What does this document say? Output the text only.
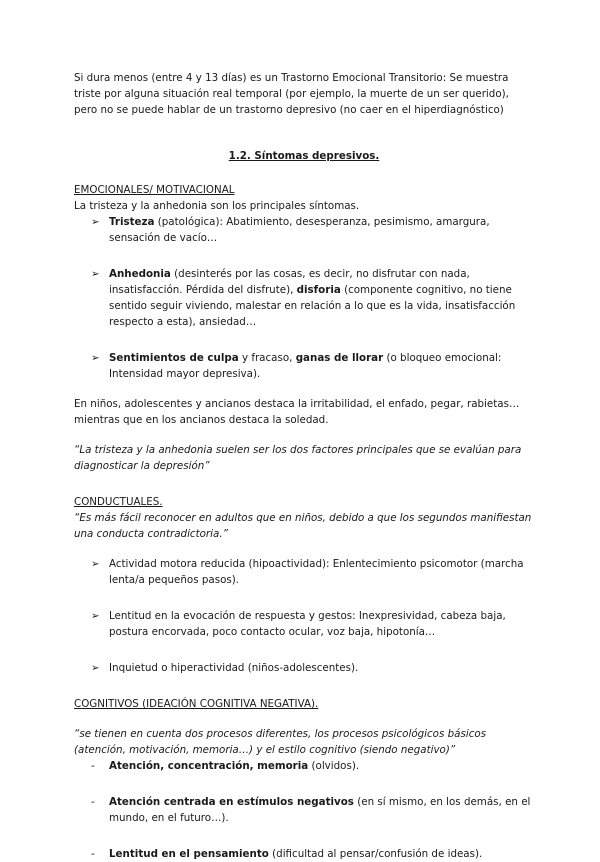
Si dura menos (entre 4 y 13 días) es un Trastorno Emocional Transitorio: Se muestra triste por alguna situación real temporal (por ejemplo, la muerte de un ser querido), pero no se puede hablar de un trastorno depresivo (no caer en el hiperdiagnóstico)

1.2. Síntomas depresivos.

EMOCIONALES/ MOTIVACIONAL

La tristeza y la anhedonia son los principales síntomas.

➢ Tristeza (patológica): Abatimiento, desesperanza, pesimismo, amargura, sensación de vacío…
➢ Anhedonia (desinterés por las cosas, es decir, no disfrutar con nada, insatisfacción. Pérdida del disfrute), disforia (componente cognitivo, no tiene sentido seguir viviendo, malestar en relación a lo que es la vida, insatisfacción respecto a esta), ansiedad…
➢ Sentimientos de culpa y fracaso, ganas de llorar (o bloqueo emocional: Intensidad mayor depresiva).

En niños, adolescentes y ancianos destaca la irritabilidad, el enfado, pegar, rabietas… mientras que en los ancianos destaca la soledad.

“La tristeza y la anhedonia suelen ser los dos factores principales que se evalúan para diagnosticar la depresión”

CONDUCTUALES.

“Es más fácil reconocer en adultos que en niños, debido a que los segundos manifiestan una conducta contradictoria.”

➢ Actividad motora reducida (hipoactividad): Enlentecimiento psicomotor (marcha lenta/a pequeños pasos).
➢ Lentitud en la evocación de respuesta y gestos: Inexpresividad, cabeza baja, postura encorvada, poco contacto ocular, voz baja, hipotonía…
➢ Inquietud o hiperactividad (niños-adolescentes).

COGNITIVOS (IDEACIÓN COGNITIVA NEGATIVA).

“se tienen en cuenta dos procesos diferentes, los procesos psicológicos básicos (atención, motivación, memoria…) y el estilo cognitivo (siendo negativo)”

- Atención, concentración, memoria (olvidos).
- Atención centrada en estímulos negativos (en sí mismo, en los demás, en el mundo, en el futuro…).
- Lentitud en el pensamiento (dificultad al pensar/confusión de ideas).
